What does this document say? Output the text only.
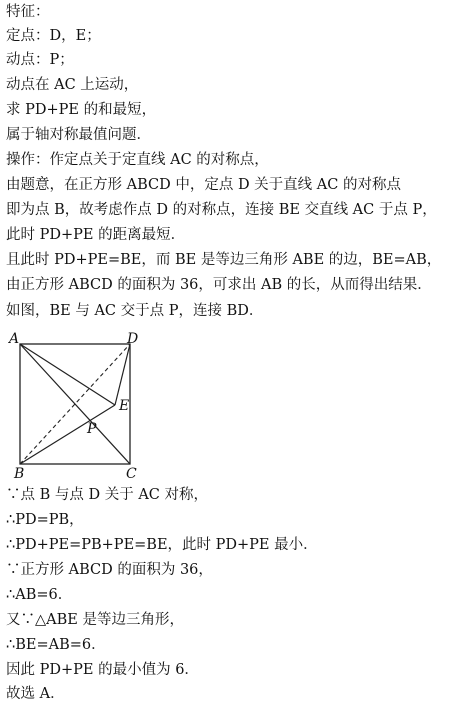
特征：
定点：D，E；
动点：P；
动点在 AC 上运动，
求 PD+PE 的和最短，
属于轴对称最值问题．
操作：作定点关于定直线 AC 的对称点，
由题意，在正方形 ABCD 中，定点 D 关于直线 AC 的对称点
即为点 B，故考虑作点 D 的对称点，连接 BE 交直线 AC 于点 P，
此时 PD+PE 的距离最短．
且此时 PD+PE=BE，而 BE 是等边三角形 ABE 的边，BE=AB，
由正方形 ABCD 的面积为 36，可求出 AB 的长，从而得出结果．
如图，BE 与 AC 交于点 P，连接 BD．
A	D
E
P
B	C
∵点 B 与点 D 关于 AC 对称，
∴PD=PB，
∴PD+PE=PB+PE=BE，此时 PD+PE 最小．
∵正方形 ABCD 的面积为 36，
∴AB=6．
又∵△ABE 是等边三角形，
∴BE=AB=6．
因此 PD+PE 的最小值为 6．
故选 A．
